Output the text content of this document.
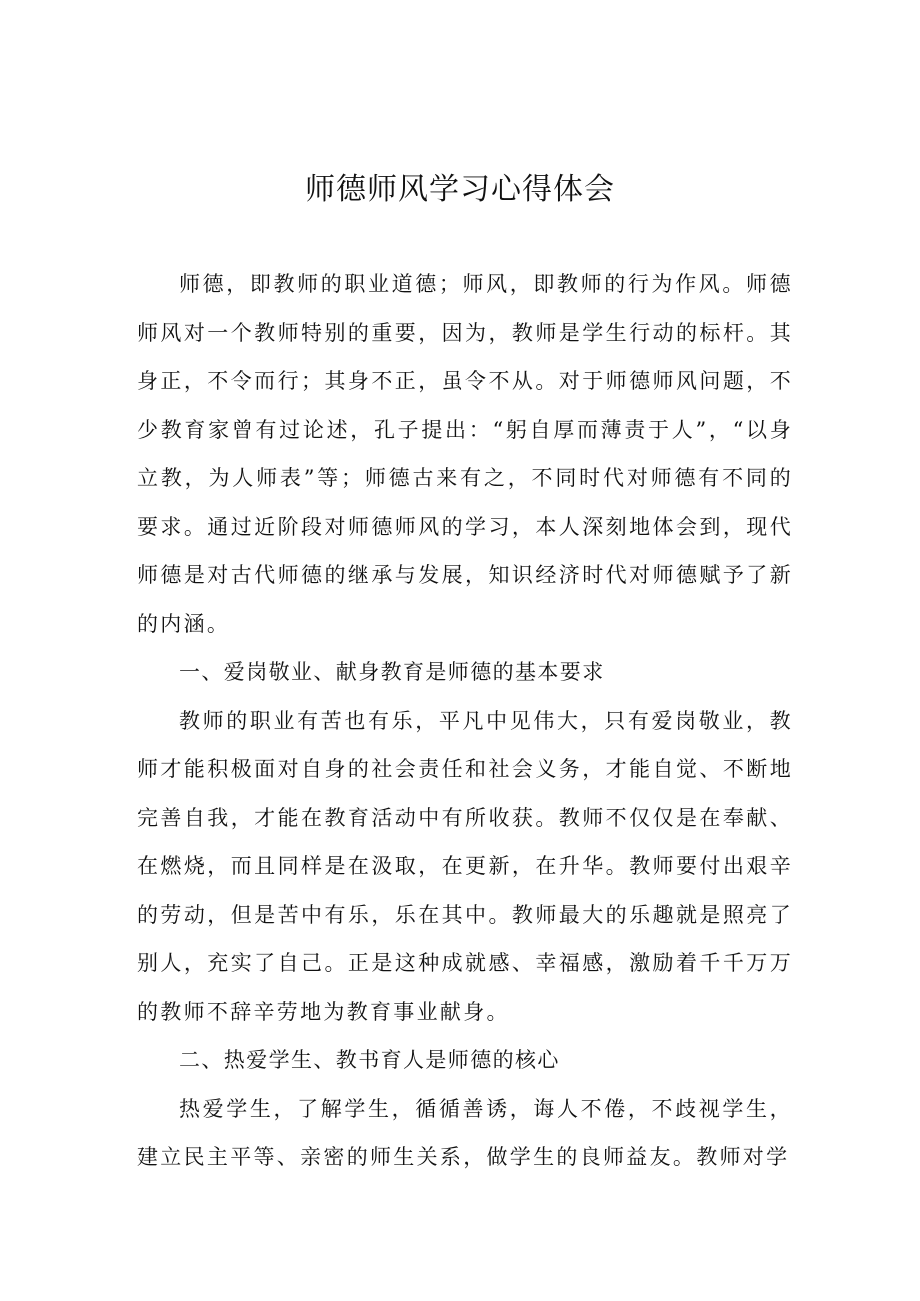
师德师风学习心得体会

师德，即教师的职业道德；师风，即教师的行为作风。师德师风对一个教师特别的重要，因为，教师是学生行动的标杆。其身正，不令而行；其身不正，虽令不从。对于师德师风问题，不少教育家曾有过论述，孔子提出：“躬自厚而薄责于人”，“以身立教，为人师表”等；师德古来有之，不同时代对师德有不同的要求。通过近阶段对师德师风的学习，本人深刻地体会到，现代师德是对古代师德的继承与发展，知识经济时代对师德赋予了新的内涵。

一、爱岗敬业、献身教育是师德的基本要求

教师的职业有苦也有乐，平凡中见伟大，只有爱岗敬业，教师才能积极面对自身的社会责任和社会义务，才能自觉、不断地完善自我，才能在教育活动中有所收获。教师不仅仅是在奉献、在燃烧，而且同样是在汲取，在更新，在升华。教师要付出艰辛的劳动，但是苦中有乐，乐在其中。教师最大的乐趣就是照亮了别人，充实了自己。正是这种成就感、幸福感，激励着千千万万的教师不辞辛劳地为教育事业献身。

二、热爱学生、教书育人是师德的核心

热爱学生，了解学生，循循善诱，诲人不倦，不歧视学生，建立民主平等、亲密的师生关系，做学生的良师益友。教师对学
